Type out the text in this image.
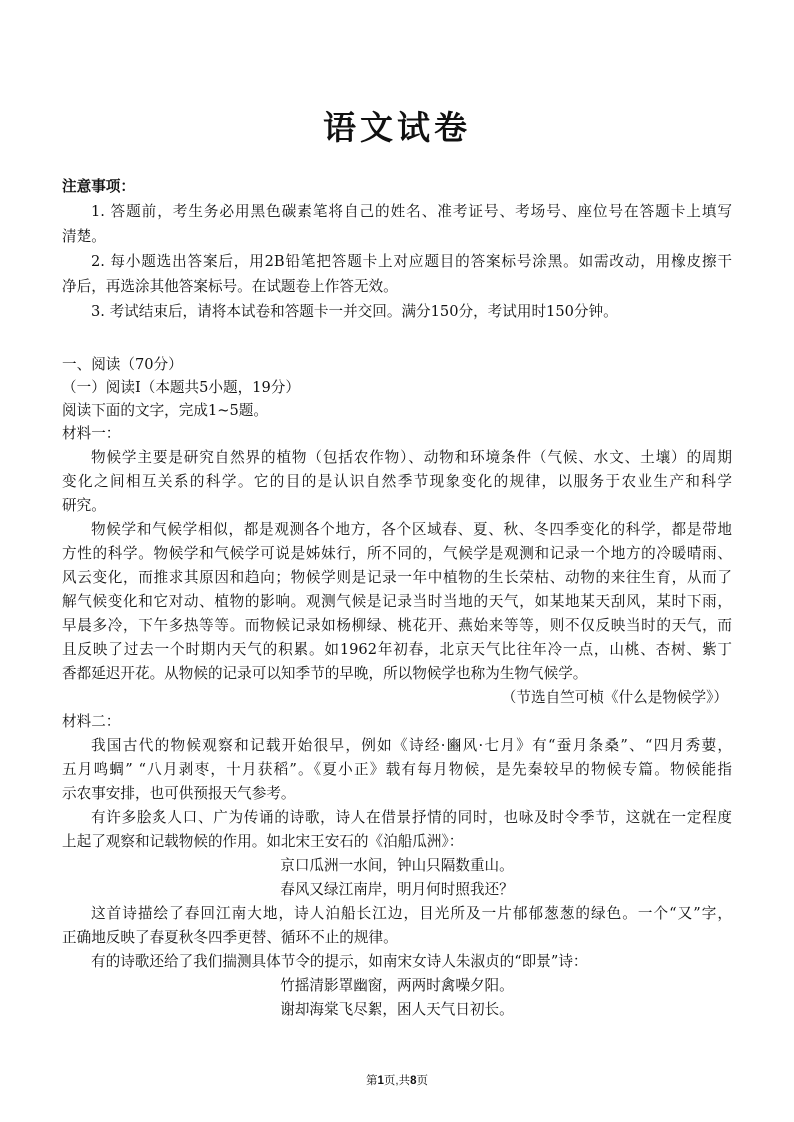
语文试卷
注意事项：
1. 答题前，考生务必用黑色碳素笔将自己的姓名、准考证号、考场号、座位号在答题卡上填写
清楚。
2. 每小题选出答案后，用2B铅笔把答题卡上对应题目的答案标号涂黑。如需改动，用橡皮擦干
净后，再选涂其他答案标号。在试题卷上作答无效。
3. 考试结束后，请将本试卷和答题卡一并交回。满分150分，考试用时150分钟。
一、阅读（70分）
（一）阅读Ⅰ（本题共5小题，19分）
阅读下面的文字，完成1~5题。
材料一：
物候学主要是研究自然界的植物（包括农作物）、动物和环境条件（气候、水文、土壤）的周期
变化之间相互关系的科学。它的目的是认识自然季节现象变化的规律，以服务于农业生产和科学
研究。
物候学和气候学相似，都是观测各个地方，各个区域春、夏、秋、冬四季变化的科学，都是带地
方性的科学。物候学和气候学可说是姊妹行，所不同的，气候学是观测和记录一个地方的冷暖晴雨、
风云变化，而推求其原因和趋向；物候学则是记录一年中植物的生长荣枯、动物的来往生育，从而了
解气候变化和它对动、植物的影响。观测气候是记录当时当地的天气，如某地某天刮风，某时下雨，
早晨多冷，下午多热等等。而物候记录如杨柳绿、桃花开、燕始来等等，则不仅反映当时的天气，而
且反映了过去一个时期内天气的积累。如1962年初春，北京天气比往年冷一点，山桃、杏树、紫丁
香都延迟开花。从物候的记录可以知季节的早晚，所以物候学也称为生物气候学。
（节选自竺可桢《什么是物候学》）
材料二：
我国古代的物候观察和记载开始很早，例如《诗经·豳风·七月》有“蚕月条桑”、“四月秀葽，
五月鸣蜩” “八月剥枣，十月获稻”。《夏小正》载有每月物候，是先秦较早的物候专篇。物候能指
示农事安排，也可供预报天气参考。
有许多脍炙人口、广为传诵的诗歌，诗人在借景抒情的同时，也咏及时令季节，这就在一定程度
上起了观察和记载物候的作用。如北宋王安石的《泊船瓜洲》：
京口瓜洲一水间，钟山只隔数重山。
春风又绿江南岸，明月何时照我还？
这首诗描绘了春回江南大地，诗人泊船长江边，目光所及一片郁郁葱葱的绿色。一个“又”字，
正确地反映了春夏秋冬四季更替、循环不止的规律。
有的诗歌还给了我们揣测具体节令的提示，如南宋女诗人朱淑贞的“即景”诗：
竹摇清影罩幽窗，两两时禽噪夕阳。
谢却海棠飞尽絮，困人天气日初长。
第1页,共8页
